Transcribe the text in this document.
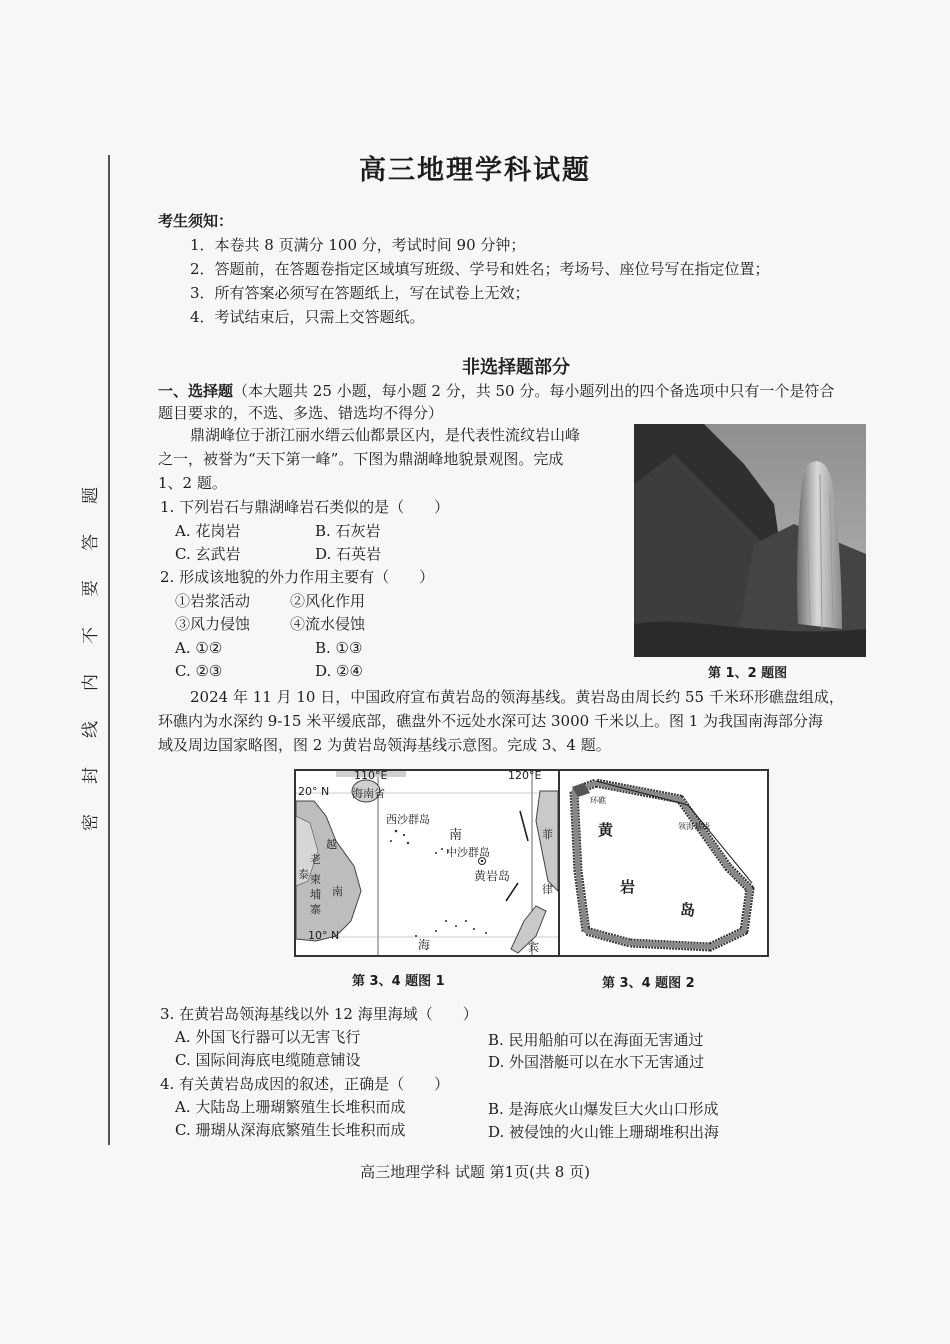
题
答
要
不
内
线
封
密
高三地理学科试题
考生须知：
1．本卷共 8 页满分 100 分，考试时间 90 分钟；
2．答题前，在答题卷指定区域填写班级、学号和姓名；考场号、座位号写在指定位置；
3．所有答案必须写在答题纸上，写在试卷上无效；
4．考试结束后，只需上交答题纸。
非选择题部分
一、选择题（本大题共 25 小题，每小题 2 分，共 50 分。每小题列出的四个备选项中只有一个是符合
题目要求的，不选、多选、错选均不得分）
鼎湖峰位于浙江丽水缙云仙都景区内，是代表性流纹岩山峰
之一，被誉为“天下第一峰”。下图为鼎湖峰地貌景观图。完成
1、2 题。
1. 下列岩石与鼎湖峰岩石类似的是（　　）
A. 花岗岩	B. 石灰岩
C. 玄武岩	D. 石英岩
2. 形成该地貌的外力作用主要有（　　）
①岩浆活动	②风化作用
③风力侵蚀	④流水侵蚀
A. ①②	B. ①③
C. ②③	D. ②④	第 1、2 题图
2024 年 11 月 10 日，中国政府宣布黄岩岛的领海基线。黄岩岛由周长约 55 千米环形礁盘组成，
环礁内为水深约 9-15 米平缓底部，礁盘外不远处水深可达 3000 千米以上。图 1 为我国南海部分海
域及周边国家略图，图 2 为黄岩岛领海基线示意图。完成 3、4 题。
110°E	120°E
20° N
10° N
海南省
西沙群岛
南
中沙群岛
黄岩岛
海
菲
律
宾
越
老
泰 柬
埔
寨
南
环礁
领海基线
黄
岩
岛
第 3、4 题图 1	第 3、4 题图 2
3. 在黄岩岛领海基线以外 12 海里海域（　　）
A. 外国飞行器可以无害飞行	B. 民用船舶可以在海面无害通过
C. 国际间海底电缆随意铺设	D. 外国潜艇可以在水下无害通过
4. 有关黄岩岛成因的叙述，正确是（　　）
A. 大陆岛上珊瑚繁殖生长堆积而成	B. 是海底火山爆发巨大火山口形成
C. 珊瑚从深海底繁殖生长堆积而成	D. 被侵蚀的火山锥上珊瑚堆积出海
高三地理学科 试题 第1页(共 8 页)
